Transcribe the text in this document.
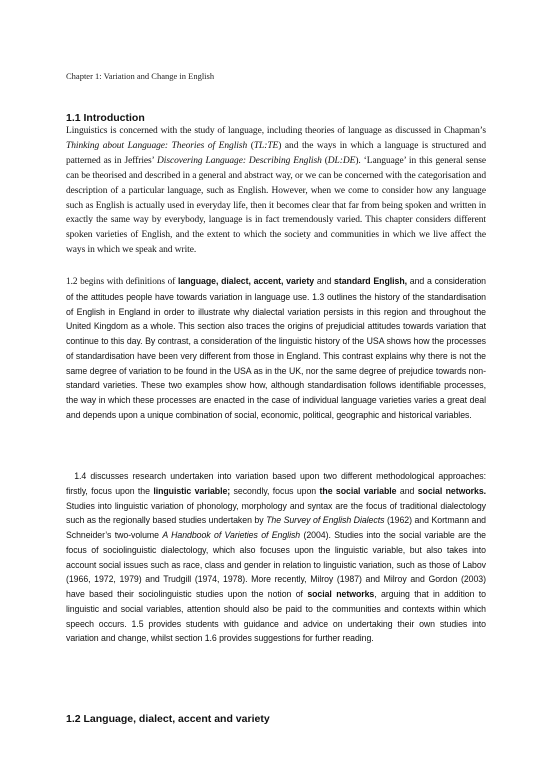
Chapter 1: Variation and Change in English
1.1 Introduction

Linguistics is concerned with the study of language, including theories of language as discussed in Chapman’s Thinking about Language: Theories of English (TL:TE) and the ways in which a language is structured and patterned as in Jeffries’ Discovering Language: Describing English (DL:DE). ‘Language’ in this general sense can be theorised and described in a general and abstract way, or we can be concerned with the categorisation and description of a particular language, such as English. However, when we come to consider how any language such as English is actually used in everyday life, then it becomes clear that far from being spoken and written in exactly the same way by everybody, language is in fact tremendously varied. This chapter considers different spoken varieties of English, and the extent to which the society and communities in which we live affect the ways in which we speak and write.

1.2 begins with definitions of language, dialect, accent, variety and standard English, and a consideration of the attitudes people have towards variation in language use. 1.3 outlines the history of the standardisation of English in England in order to illustrate why dialectal variation persists in this region and throughout the United Kingdom as a whole. This section also traces the origins of prejudicial attitudes towards variation that continue to this day. By contrast, a consideration of the linguistic history of the USA shows how the processes of standardisation have been very different from those in England. This contrast explains why there is not the same degree of variation to be found in the USA as in the UK, nor the same degree of prejudice towards non-standard varieties. These two examples show how, although standardisation follows identifiable processes, the way in which these processes are enacted in the case of individual language varieties varies a great deal and depends upon a unique combination of social, economic, political, geographic and historical variables.

1.4 discusses research undertaken into variation based upon two different methodological approaches: firstly, focus upon the linguistic variable; secondly, focus upon the social variable and social networks. Studies into linguistic variation of phonology, morphology and syntax are the focus of traditional dialectology such as the regionally based studies undertaken by The Survey of English Dialects (1962) and Kortmann and Schneider’s two-volume A Handbook of Varieties of English (2004). Studies into the social variable are the focus of sociolinguistic dialectology, which also focuses upon the linguistic variable, but also takes into account social issues such as race, class and gender in relation to linguistic variation, such as those of Labov (1966, 1972, 1979) and Trudgill (1974, 1978). More recently, Milroy (1987) and Milroy and Gordon (2003) have based their sociolinguistic studies upon the notion of social networks, arguing that in addition to linguistic and social variables, attention should also be paid to the communities and contexts within which speech occurs. 1.5 provides students with guidance and advice on undertaking their own studies into variation and change, whilst section 1.6 provides suggestions for further reading.

1.2 Language, dialect, accent and variety
